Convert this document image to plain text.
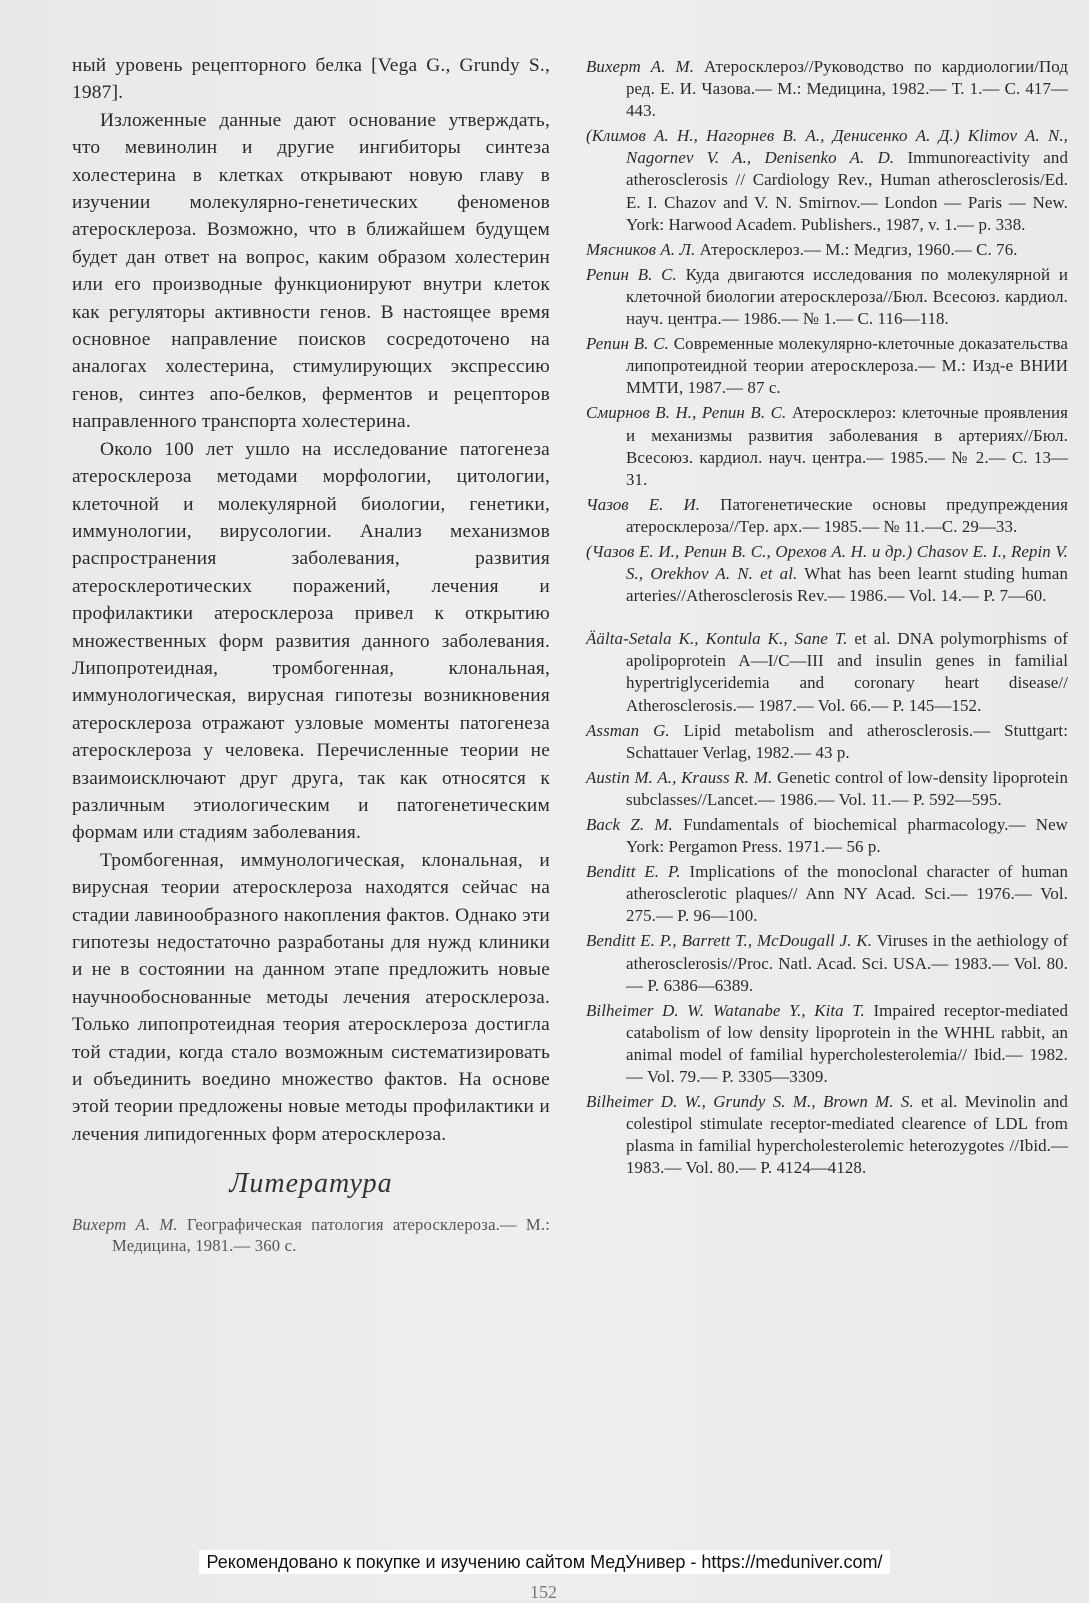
ный уровень рецепторного белка [Vega G., Grundy S., 1987].

Изложенные данные дают основание утверждать, что мевинолин и другие ингибиторы синтеза холестерина в клетках открывают новую главу в изучении молекулярно-генетических феноменов атеросклероза. Возможно, что в ближайшем будущем будет дан ответ на вопрос, каким образом холестерин или его производные функционируют внутри клеток как регуляторы активности генов. В настоящее время основное направление поисков сосредоточено на аналогах холестерина, стимулирующих экспрессию генов, синтез апо-белков, ферментов и рецепторов направленного транспорта холестерина.

Около 100 лет ушло на исследование патогенеза атеросклероза методами морфологии, цитологии, клеточной и молекулярной биологии, генетики, иммунологии, вирусологии. Анализ механизмов распространения заболевания, развития атеросклеротических поражений, лечения и профилактики атеросклероза привел к открытию множественных форм развития данного заболевания. Липопротеидная, тромбогенная, клональная, иммунологическая, вирусная гипотезы возникновения атеросклероза отражают узловые моменты патогенеза атеросклероза у человека. Перечисленные теории не взаимоисключают друг друга, так как относятся к различным этиологическим и патогенетическим формам или стадиям заболевания.

Тромбогенная, иммунологическая, клональная, и вирусная теории атеросклероза находятся сейчас на стадии лавинообразного накопления фактов. Однако эти гипотезы недостаточно разработаны для нужд клиники и не в состоянии на данном этапе предложить новые научнообоснованные методы лечения атеросклероза. Только липопротеидная теория атеросклероза достигла той стадии, когда стало возможным систематизировать и объединить воедино множество фактов. На основе этой теории предложены новые методы профилактики и лечения липидогенных форм атеросклероза.

Литература

Вихерт А. М. Географическая патология атеросклероза.— М.: Медицина, 1981.— 360 с.

Вихерт А. М. Атеросклероз//Руководство по кардиологии/Под ред. Е. И. Чазова.— М.: Медицина, 1982.— Т. 1.— С. 417—443.

(Климов А. Н., Нагорнев В. А., Денисенко А. Д.) Klimov A. N., Nagornev V. A., Denisenko A. D. Immunoreactivity and atherosclerosis // Cardiology Rev., Human atherosclerosis/Ed. E. I. Chazov and V. N. Smirnov.— London — Paris — New. York: Harwood Academ. Publishers., 1987, v. 1.— p. 338.

Мясников А. Л. Атеросклероз.— М.: Медгиз, 1960.— С. 76.

Репин В. С. Куда двигаются исследования по молекулярной и клеточной биологии атеросклероза//Бюл. Всесоюз. кардиол. науч. центра.— 1986.— № 1.— С. 116—118.

Репин В. С. Современные молекулярно-клеточные доказательства липопротеидной теории атеросклероза.— М.: Изд-е ВНИИ ММТИ, 1987.— 87 с.

Смирнов В. Н., Репин В. С. Атеросклероз: клеточные проявления и механизмы развития заболевания в артериях//Бюл. Всесоюз. кардиол. науч. центра.— 1985.— № 2.— С. 13—31.

Чазов Е. И. Патогенетические основы предупреждения атеросклероза//Тер. арх.— 1985.— № 11.—С. 29—33.

(Чазов Е. И., Репин В. С., Орехов А. Н. и др.) Chasov E. I., Repin V. S., Orekhov A. N. et al. What has been learnt studing human arteries//Atherosclerosis Rev.— 1986.— Vol. 14.— P. 7—60.

Äälta-Setala K., Kontula K., Sane T. et al. DNA polymorphisms of apolipoprotein A—I/C—III and insulin genes in familial hypertriglyceridemia and coronary heart disease// Atherosclerosis.— 1987.— Vol. 66.— P. 145—152.

Assman G. Lipid metabolism and atherosclerosis.— Stuttgart: Schattauer Verlag, 1982.— 43 p.

Austin M. A., Krauss R. M. Genetic control of low-density lipoprotein subclasses//Lancet.— 1986.— Vol. 11.— P. 592—595.

Back Z. M. Fundamentals of biochemical pharmacology.— New York: Pergamon Press. 1971.— 56 p.

Benditt E. P. Implications of the monoclonal character of human atherosclerotic plaques// Ann NY Acad. Sci.— 1976.— Vol. 275.— P. 96—100.

Benditt E. P., Barrett T., McDougall J. K. Viruses in the aethiology of atherosclerosis//Proc. Natl. Acad. Sci. USA.— 1983.— Vol. 80.— P. 6386—6389.

Bilheimer D. W. Watanabe Y., Kita T. Impaired receptor-mediated catabolism of low density lipoprotein in the WHHL rabbit, an animal model of familial hypercholesterolemia// Ibid.— 1982.— Vol. 79.— P. 3305—3309.

Bilheimer D. W., Grundy S. M., Brown M. S. et al. Mevinolin and colestipol stimulate receptor-mediated clearence of LDL from plasma in familial hypercholesterolemic heterozygotes //Ibid.— 1983.— Vol. 80.— P. 4124—4128.

152
Рекомендовано к покупке и изучению сайтом МедУнивер - https://meduniver.com/
